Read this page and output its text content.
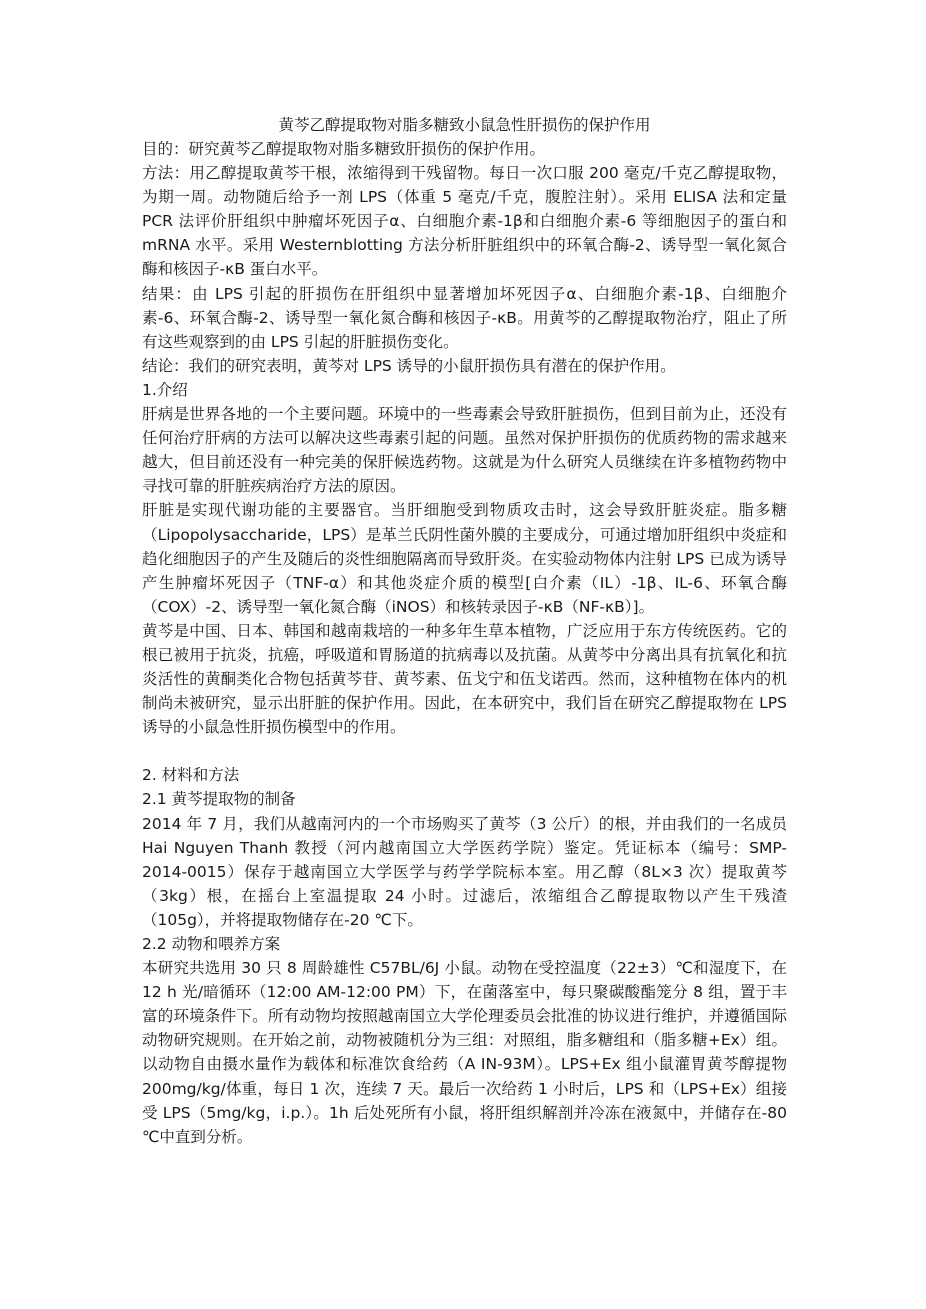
黄芩乙醇提取物对脂多糖致小鼠急性肝损伤的保护作用

目的：研究黄芩乙醇提取物对脂多糖致肝损伤的保护作用。

方法：用乙醇提取黄芩干根，浓缩得到干残留物。每日一次口服 200 毫克/千克乙醇提取物，为期一周。动物随后给予一剂 LPS（体重 5 毫克/千克，腹腔注射）。采用 ELISA 法和定量 PCR 法评价肝组织中肿瘤坏死因子α、白细胞介素-1β和白细胞介素-6 等细胞因子的蛋白和 mRNA 水平。采用 Westernblotting 方法分析肝脏组织中的环氧合酶-2、诱导型一氧化氮合酶和核因子-κB 蛋白水平。

结果：由 LPS 引起的肝损伤在肝组织中显著增加坏死因子α、白细胞介素-1β、白细胞介素-6、环氧合酶-2、诱导型一氧化氮合酶和核因子-κB。用黄芩的乙醇提取物治疗，阻止了所有这些观察到的由 LPS 引起的肝脏损伤变化。

结论：我们的研究表明，黄芩对 LPS 诱导的小鼠肝损伤具有潜在的保护作用。

1.介绍

肝病是世界各地的一个主要问题。环境中的一些毒素会导致肝脏损伤，但到目前为止，还没有任何治疗肝病的方法可以解决这些毒素引起的问题。虽然对保护肝损伤的优质药物的需求越来越大，但目前还没有一种完美的保肝候选药物。这就是为什么研究人员继续在许多植物药物中寻找可靠的肝脏疾病治疗方法的原因。

肝脏是实现代谢功能的主要器官。当肝细胞受到物质攻击时，这会导致肝脏炎症。脂多糖（Lipopolysaccharide，LPS）是革兰氏阴性菌外膜的主要成分，可通过增加肝组织中炎症和趋化细胞因子的产生及随后的炎性细胞隔离而导致肝炎。在实验动物体内注射 LPS 已成为诱导产生肿瘤坏死因子（TNF-α）和其他炎症介质的模型[白介素（IL）-1β、IL-6、环氧合酶（COX）-2、诱导型一氧化氮合酶（iNOS）和核转录因子-κB（NF-κB）]。

黄芩是中国、日本、韩国和越南栽培的一种多年生草本植物，广泛应用于东方传统医药。它的根已被用于抗炎，抗癌，呼吸道和胃肠道的抗病毒以及抗菌。从黄芩中分离出具有抗氧化和抗炎活性的黄酮类化合物包括黄芩苷、黄芩素、伍戈宁和伍戈诺西。然而，这种植物在体内的机制尚未被研究，显示出肝脏的保护作用。因此，在本研究中，我们旨在研究乙醇提取物在 LPS 诱导的小鼠急性肝损伤模型中的作用。

2. 材料和方法

2.1 黄芩提取物的制备

2014 年 7 月，我们从越南河内的一个市场购买了黄芩（3 公斤）的根，并由我们的一名成员 Hai Nguyen Thanh 教授（河内越南国立大学医药学院）鉴定。凭证标本（编号：SMP-2014-0015）保存于越南国立大学医学与药学学院标本室。用乙醇（8L×3 次）提取黄芩（3kg）根，在摇台上室温提取 24 小时。过滤后，浓缩组合乙醇提取物以产生干残渣（105g），并将提取物储存在-20 ℃下。

2.2 动物和喂养方案

本研究共选用 30 只 8 周龄雄性 C57BL/6J 小鼠。动物在受控温度（22±3）℃和湿度下，在 12 h 光/暗循环（12:00 AM-12:00 PM）下，在菌落室中，每只聚碳酸酯笼分 8 组，置于丰富的环境条件下。所有动物均按照越南国立大学伦理委员会批准的协议进行维护，并遵循国际动物研究规则。在开始之前，动物被随机分为三组：对照组，脂多糖组和（脂多糖+Ex）组。以动物自由摄水量作为载体和标准饮食给药（A IN-93M）。LPS+Ex 组小鼠灌胃黄芩醇提物 200mg/kg/体重，每日 1 次，连续 7 天。最后一次给药 1 小时后，LPS 和（LPS+Ex）组接受 LPS（5mg/kg，i.p.）。1h 后处死所有小鼠，将肝组织解剖并冷冻在液氮中，并储存在-80 ℃中直到分析。
